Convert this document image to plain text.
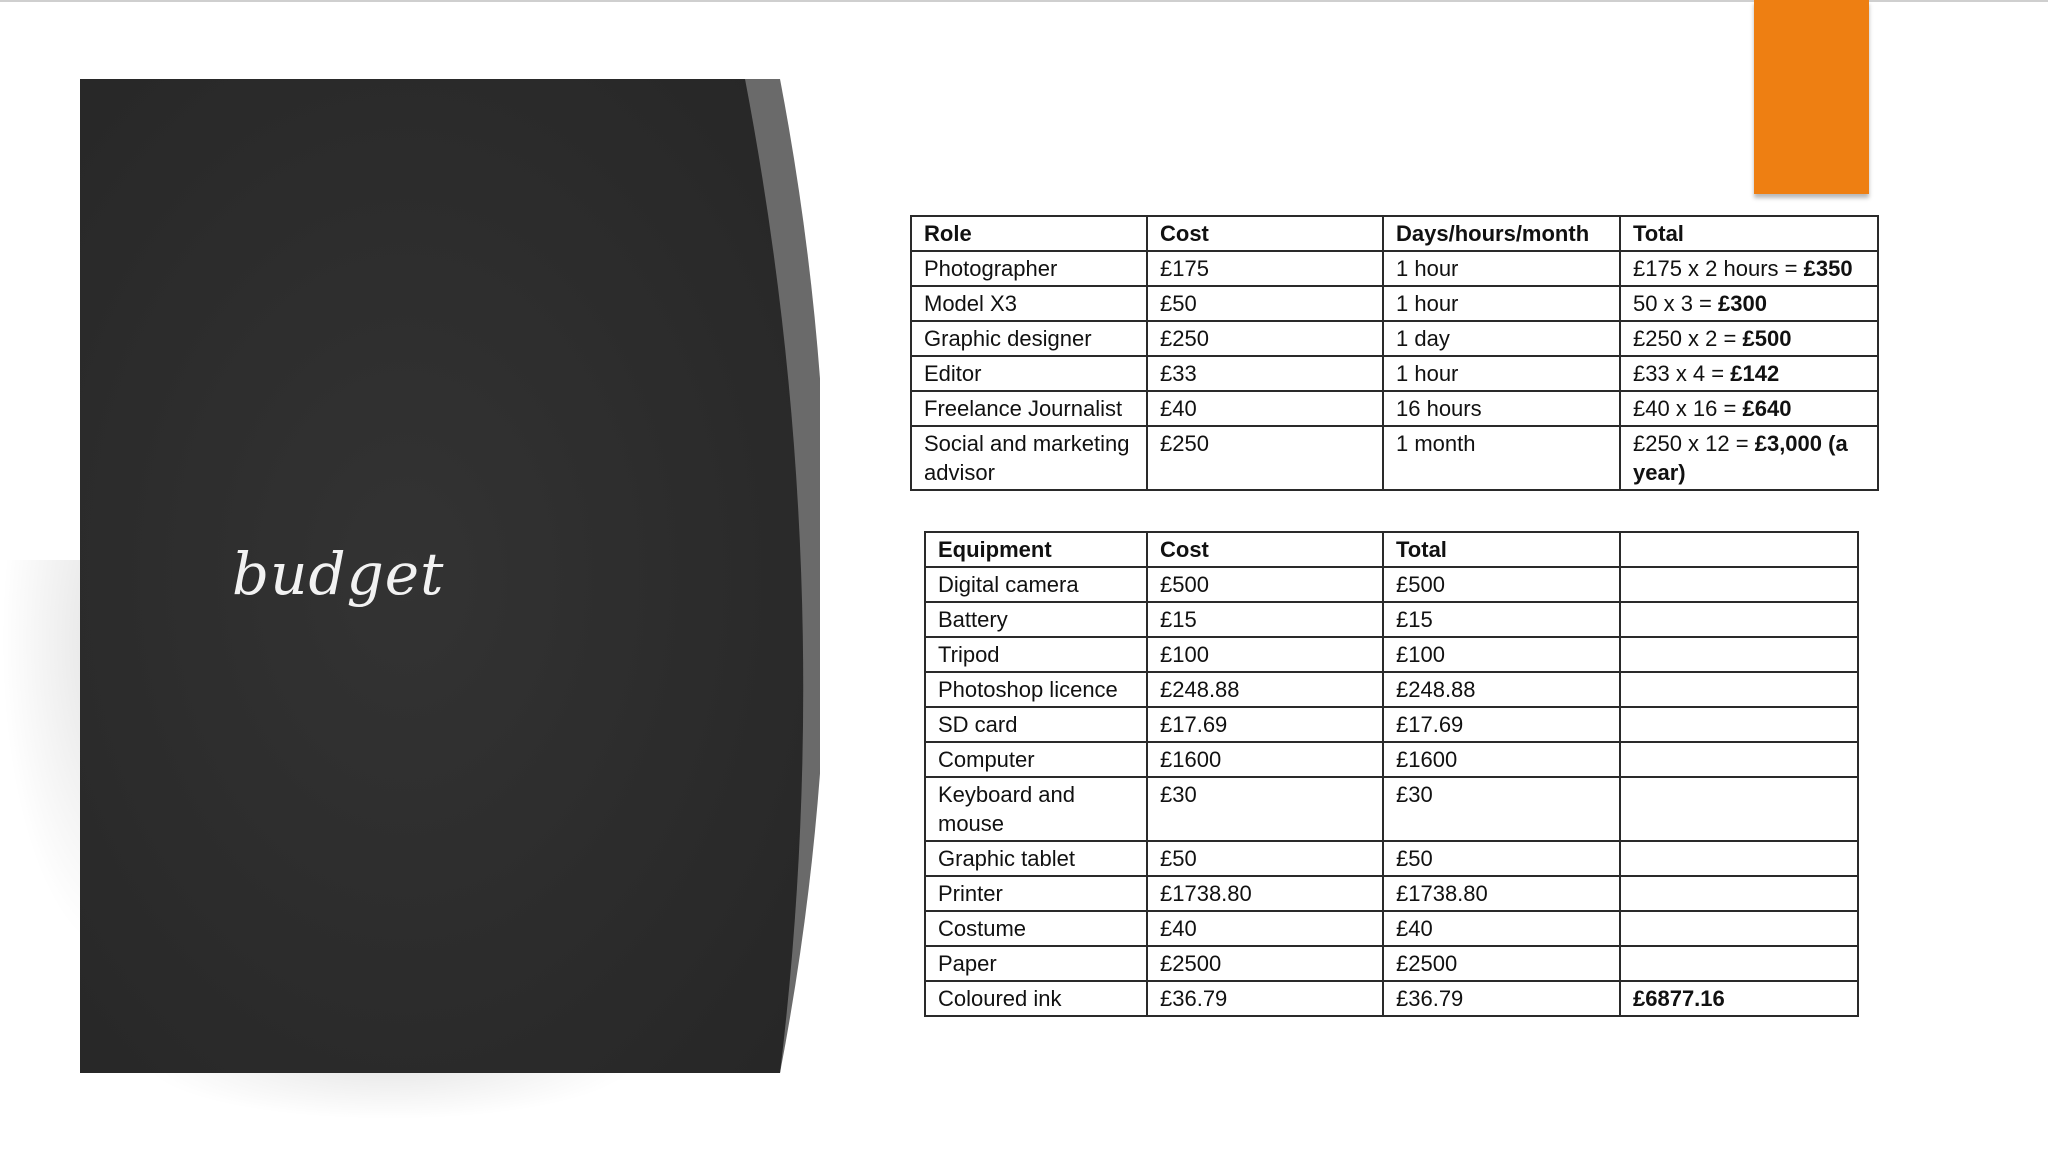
budget
Role	Cost	Days/hours/month	Total
Photographer	£175	1 hour	£175 x 2 hours = £350
Model X3	£50	1 hour	50 x 3 = £300
Graphic designer	£250	1 day	£250 x 2 = £500
Editor	£33	1 hour	£33 x 4 = £142
Freelance Journalist	£40	16 hours	£40 x 16 = £640
Social and marketing advisor	£250	1 month	£250 x 12 = £3,000 (a year)
Equipment	Cost	Total	
Digital camera	£500	£500	
Battery	£15	£15	
Tripod	£100	£100	
Photoshop licence	£248.88	£248.88	
SD card	£17.69	£17.69	
Computer	£1600	£1600	
Keyboard and mouse	£30	£30	
Graphic tablet	£50	£50	
Printer	£1738.80	£1738.80	
Costume	£40	£40	
Paper	£2500	£2500	
Coloured ink	£36.79	£36.79	£6877.16
